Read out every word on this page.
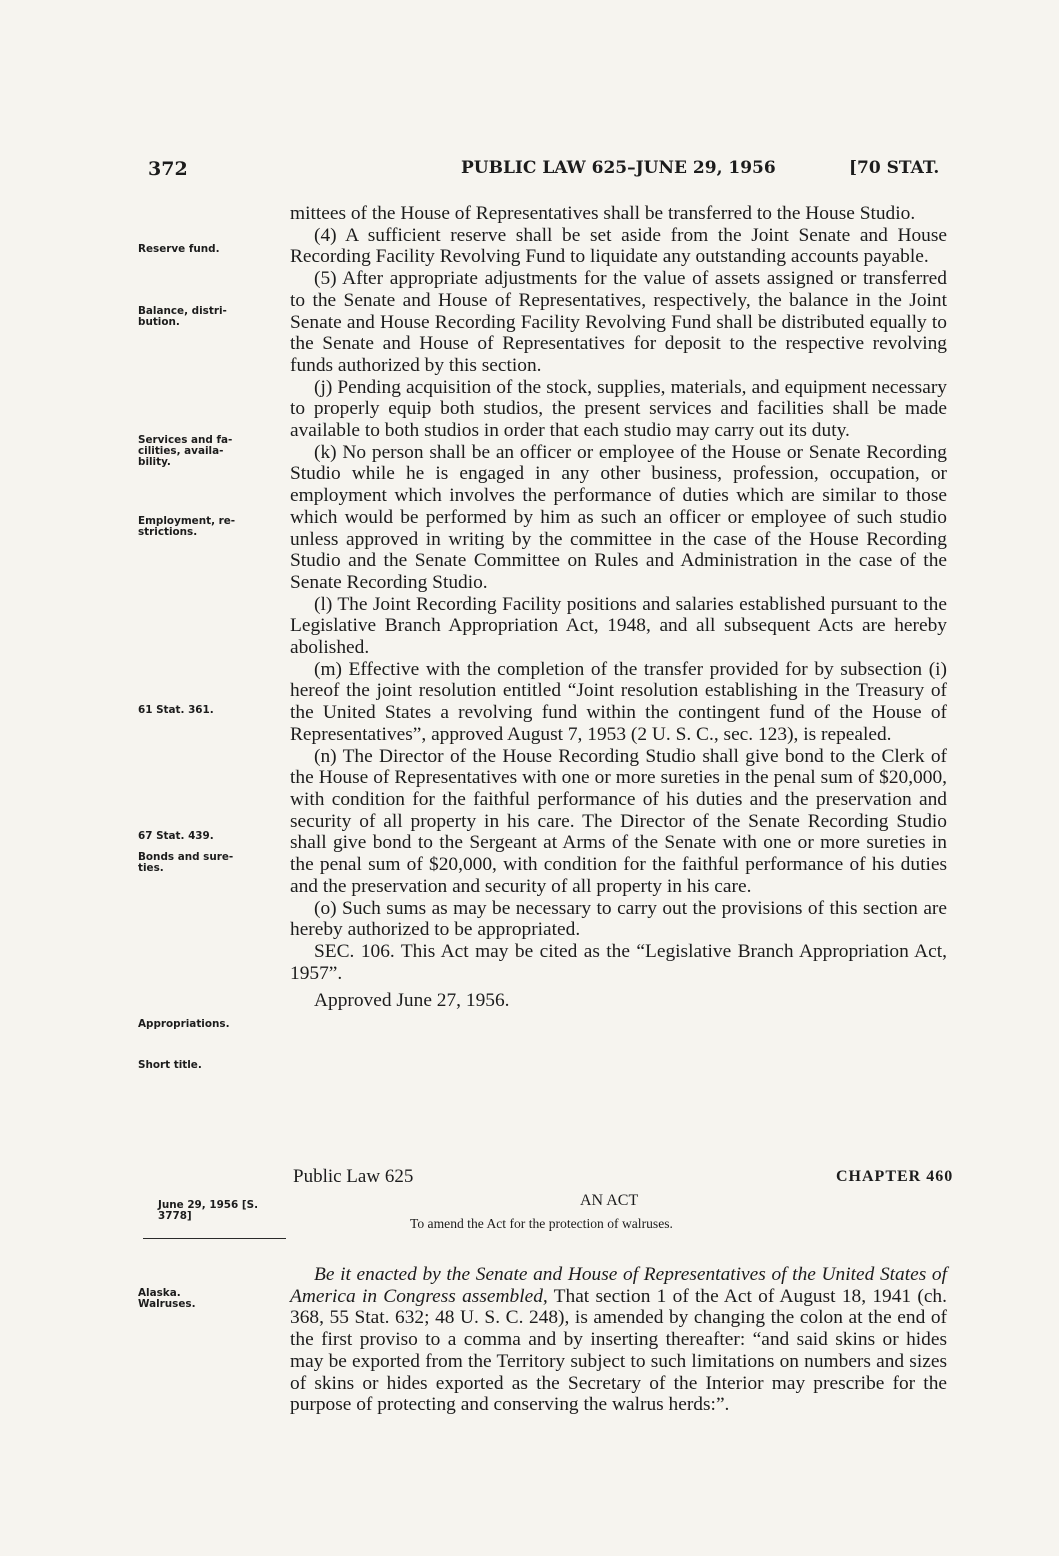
372	PUBLIC LAW 625–JUNE 29, 1956	[70 STAT.
Reserve fund.
Balance, distri- bution.
Services and fa- cilities, availa- bility.
Employment, re- strictions.
61 Stat. 361.
67 Stat. 439.
Bonds and sure- ties.
Appropriations.
Short title.
June 29, 1956 [S. 3778]
Alaska. Walruses.

mittees of the House of Representatives shall be transferred to the House Studio.

(4) A sufficient reserve shall be set aside from the Joint Senate and House Recording Facility Revolving Fund to liquidate any outstanding accounts payable.

(5) After appropriate adjustments for the value of assets assigned or transferred to the Senate and House of Representatives, respectively, the balance in the Joint Senate and House Recording Facility Revolving Fund shall be distributed equally to the Senate and House of Representatives for deposit to the respective revolving funds authorized by this section.

(j) Pending acquisition of the stock, supplies, materials, and equipment necessary to properly equip both studios, the present services and facilities shall be made available to both studios in order that each studio may carry out its duty.

(k) No person shall be an officer or employee of the House or Senate Recording Studio while he is engaged in any other business, profession, occupation, or employment which involves the performance of duties which are similar to those which would be performed by him as such an officer or employee of such studio unless approved in writing by the committee in the case of the House Recording Studio and the Senate Committee on Rules and Administration in the case of the Senate Recording Studio.

(l) The Joint Recording Facility positions and salaries established pursuant to the Legislative Branch Appropriation Act, 1948, and all subsequent Acts are hereby abolished.

(m) Effective with the completion of the transfer provided for by subsection (i) hereof the joint resolution entitled “Joint resolution establishing in the Treasury of the United States a revolving fund within the contingent fund of the House of Representatives”, approved August 7, 1953 (2 U. S. C., sec. 123), is repealed.

(n) The Director of the House Recording Studio shall give bond to the Clerk of the House of Representatives with one or more sureties in the penal sum of $20,000, with condition for the faithful performance of his duties and the preservation and security of all property in his care. The Director of the Senate Recording Studio shall give bond to the Sergeant at Arms of the Senate with one or more sureties in the penal sum of $20,000, with condition for the faithful performance of his duties and the preservation and security of all property in his care.

(o) Such sums as may be necessary to carry out the provisions of this section are hereby authorized to be appropriated.

SEC. 106. This Act may be cited as the “Legislative Branch Appropriation Act, 1957”.

Approved June 27, 1956.

Public Law 625	CHAPTER 460
AN ACT
To amend the Act for the protection of walruses.

Be it enacted by the Senate and House of Representatives of the United States of America in Congress assembled, That section 1 of the Act of August 18, 1941 (ch. 368, 55 Stat. 632; 48 U. S. C. 248), is amended by changing the colon at the end of the first proviso to a comma and by inserting thereafter: “and said skins or hides may be exported from the Territory subject to such limitations on numbers and sizes of skins or hides exported as the Secretary of the Interior may prescribe for the purpose of protecting and conserving the walrus herds:”.
